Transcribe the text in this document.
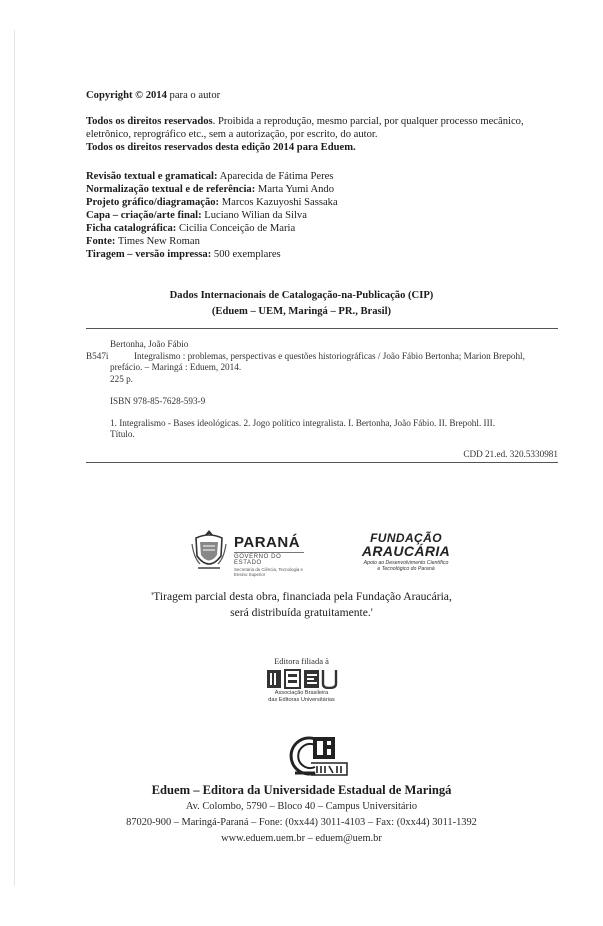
Copyright © 2014 para o autor
Todos os direitos reservados. Proibida a reprodução, mesmo parcial, por qualquer processo mecânico,
eletrônico, reprográfico etc., sem a autorização, por escrito, do autor.
Todos os direitos reservados desta edição 2014 para Eduem.
Revisão textual e gramatical: Aparecida de Fátima Peres
Normalização textual e de referência: Marta Yumi Ando
Projeto gráfico/diagramação: Marcos Kazuyoshi Sassaka
Capa – criação/arte final: Luciano Wilian da Silva
Ficha catalográfica: Cicilia Conceição de Maria
Fonte: Times New Roman
Tiragem – versão impressa: 500 exemplares
Dados Internacionais de Catalogação-na-Publicação (CIP)
(Eduem – UEM, Maringá – PR., Brasil)
Bertonha, João Fábio
B547i	Integralismo : problemas, perspectivas e questões historiográficas / João Fábio Bertonha; Marion Brepohl,
prefácio. – Maringá : Eduem, 2014.
225 p.
ISBN 978-85-7628-593-9
1. Integralismo - Bases ideológicas. 2. Jogo político integralista. I. Bertonha, João Fábio. II. Brepohl. III.
Título.
CDD 21.ed. 320.5330981
PARANÁ
GOVERNO DO ESTADO
Secretaria da Ciência, Tecnologia e Ensino Superior
FUNDAÇÃO
ARAUCÁRIA
Apoio ao Desenvolvimento Científico
e Tecnológico do Paraná
'Tiragem parcial desta obra, financiada pela Fundação Araucária,
será distribuída gratuitamente.'
Editora filiada à
Associação Brasileira
das Editoras Universitárias
Eduem – Editora da Universidade Estadual de Maringá
Av. Colombo, 5790 – Bloco 40 – Campus Universitário
87020-900 – Maringá-Paraná – Fone: (0xx44) 3011-4103 – Fax: (0xx44) 3011-1392
www.eduem.uem.br – eduem@uem.br
